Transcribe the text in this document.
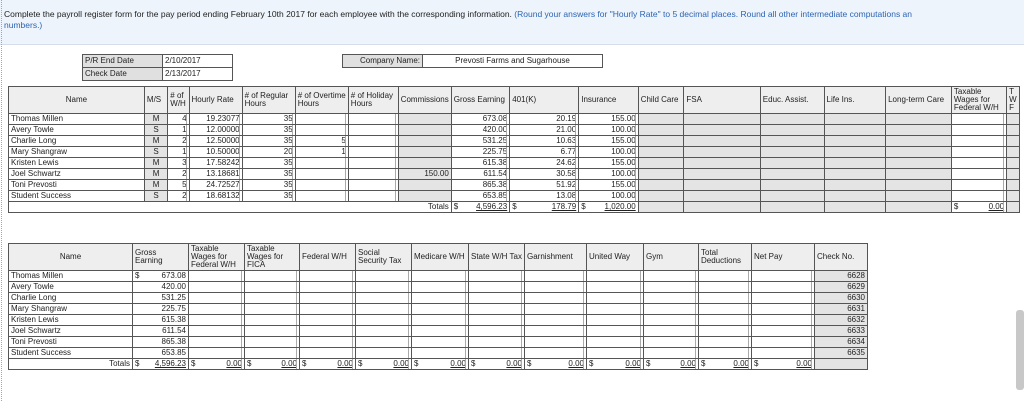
Complete the payroll register form for the pay period ending February 10th 2017 for each employee with the corresponding information. (Round your answers for "Hourly Rate" to 5 decimal places. Round all other intermediate computations an

numbers.)

P/R End Date	2/10/2017		Company Name:	Prevosti Farms and Sugarhouse
Check Date	2/13/2017			
Name	M/S	# of W/H	Hourly Rate	# of Regular Hours	# of Overtime Hours	# of Holiday Hours	Commissions	Gross Earning	401(K)	Insurance	Child Care	FSA	Educ. Assist.	Life Ins.	Long-term Care	Taxable Wages for Federal W/H	T W F
Thomas Millen	M	4	19.23077	35				673.08	20.19	155.00							
Avery Towle	S	1	12.00000	35				420.00	21.00	100.00							
Charlie Long	M	2	12.50000	35	5			531.25	10.63	155.00							
Mary Shangraw	S	1	10.50000	20	1			225.75	6.77	100.00							
Kristen Lewis	M	3	17.58242	35				615.38	24.62	155.00							
Joel Schwartz	M	2	13.18681	35			150.00	611.54	30.58	100.00							
Toni Prevosti	M	5	24.72527	35				865.38	51.92	155.00							
Student Success	S	2	18.68132	35				653.85	13.08	100.00							
Totals								$ 4,596.23	$ 178.79	$ 1,020.00						$ 0.00	
Name	Gross Earning	Taxable Wages for Federal W/H	Taxable Wages for FICA	Federal W/H	Social Security Tax	Medicare W/H	State W/H Tax	Garnishment	United Way	Gym	Total Deductions	Net Pay	Check No.
Thomas Millen	$ 673.08												6628
Avery Towle	420.00												6629
Charlie Long	531.25												6630
Mary Shangraw	225.75												6631
Kristen Lewis	615.38												6632
Joel Schwartz	611.54												6633
Toni Prevosti	865.38												6634
Student Success	653.85												6635
Totals	$ 4,596.23	$ 0.00	$ 0.00	$ 0.00	$ 0.00	$ 0.00	$ 0.00	$ 0.00	$ 0.00	$ 0.00	$ 0.00	$ 0.00	
